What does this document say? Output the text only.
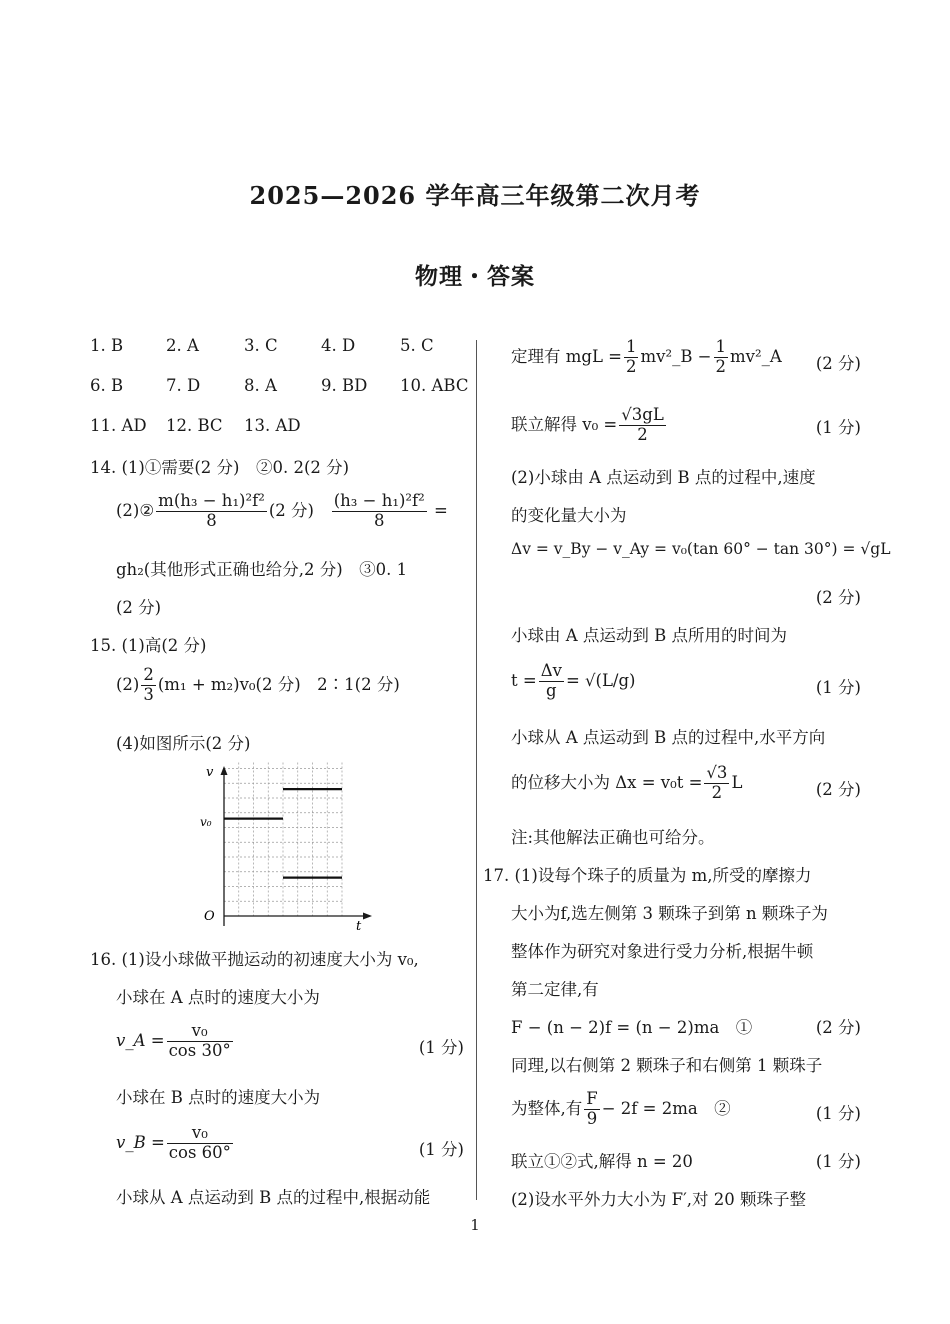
2025—2026 学年高三年级第二次月考
物理・答案
1. B	2. A	3. C	4. D	5. C
6. B	7. D	8. A	9. BD 10. ABC
11. AD 12. BC 13. AD
14. (1)①需要(2 分)　②0. 2(2 分)
(2)② $\frac{\text{m(h₃ − h₁)²f²}}{8} (2$ 分) $\frac{\text{(h₃ − h₁)²f²}}{8}$ =
gh₂(其他形式正确也给分,2 分)　③0. 1
(2 分)
15. (1)高(2 分)
$(2) \frac{2}{3} (m_1 + m_2)v_0(2$ 分)　2∶1(2 分)
(4)如图所示(2 分)
v
t
O
v₀
16. (1)设小球做平抛运动的初速度大小为 v₀,
小球在 A 点时的速度大小为
v_A = $\frac{\text{v₀}}{\cos 30^\circ}$	(1 分)
小球在 B 点时的速度大小为
v_B = $\frac{\text{v₀}}{\cos 60^\circ}$	(1 分)
小球从 A 点运动到 B 点的过程中,根据动能
定理有 mgL = $\frac{1}{2}$ mv²_B − $\frac{1}{2}$ mv²_A (2 分)
联立解得 $v_0 = \frac{√3gL}{2}$	(1 分)
(2)小球由 A 点运动到 B 点的过程中,速度
的变化量大小为
Δv = v_By − v_Ay = v₀(tan 60° − tan 30°) = √gL
(2 分)
小球由 A 点运动到 B 点所用的时间为
$t = \frac{\Delta v}{g} = √(L/g)$	(1 分)
小球从 A 点运动到 B 点的过程中,水平方向
的位移大小为 $\Delta x = v_0t = \frac{√3}{2}$ L	(2 分)
注:其他解法正确也可给分。
17. (1)设每个珠子的质量为 m,所受的摩擦力
大小为f,选左侧第 3 颗珠子到第 n 颗珠子为
整体作为研究对象进行受力分析,根据牛顿
第二定律,有
F − (n − 2)f = (n − 2)ma　①	(2 分)
同理,以右侧第 2 颗珠子和右侧第 1 颗珠子
为整体,有 $\frac{F}{9} - 2f = 2ma$　②	(1 分)
联立①②式,解得 n = 20	(1 分)
(2)设水平外力大小为 F′,对 20 颗珠子整
1
